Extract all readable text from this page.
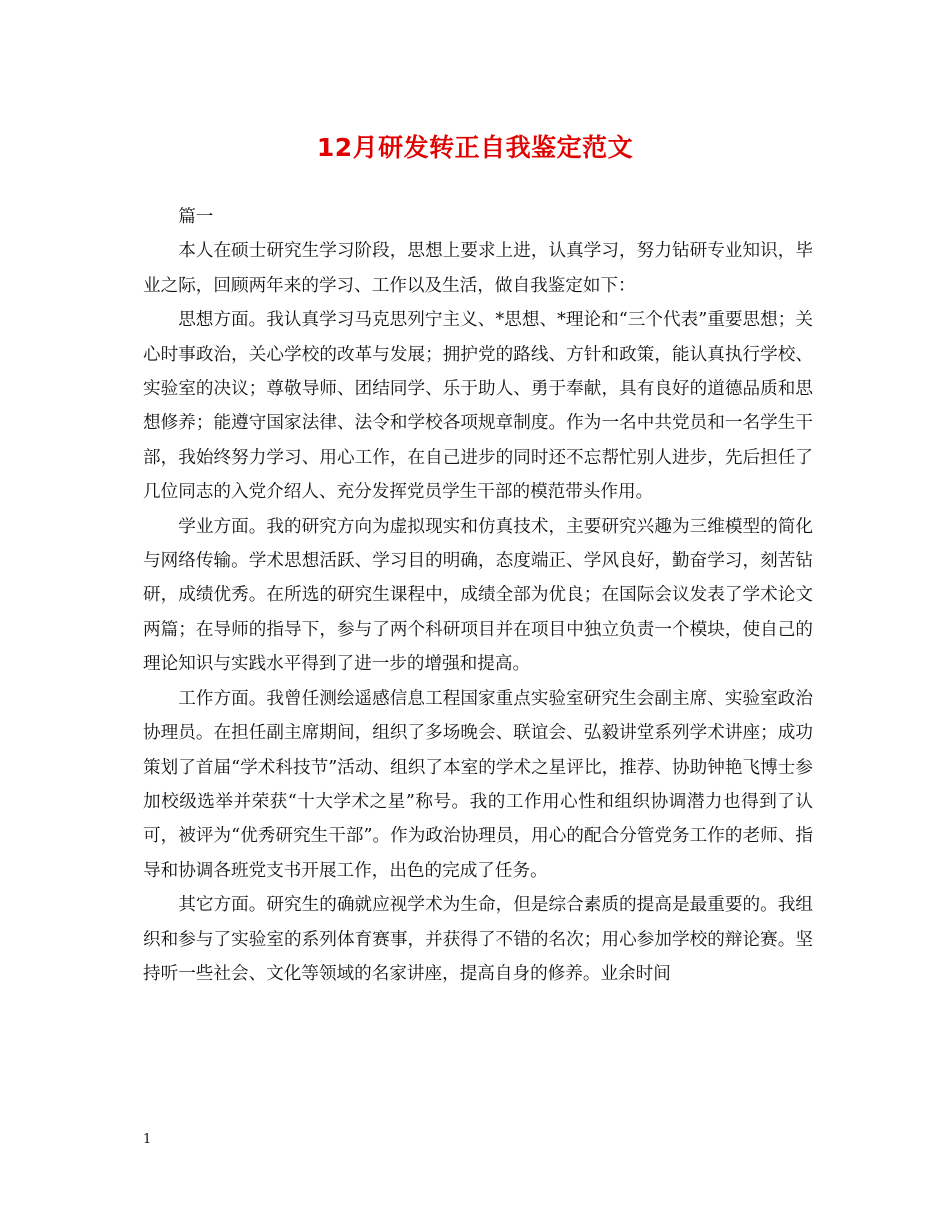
12月研发转正自我鉴定范文

篇一

本人在硕士研究生学习阶段，思想上要求上进，认真学习，努力钻研专业知识，毕业之际，回顾两年来的学习、工作以及生活，做自我鉴定如下：

思想方面。我认真学习马克思列宁主义、*思想、*理论和“三个代表”重要思想；关心时事政治，关心学校的改革与发展；拥护党的路线、方针和政策，能认真执行学校、实验室的决议；尊敬导师、团结同学、乐于助人、勇于奉献，具有良好的道德品质和思想修养；能遵守国家法律、法令和学校各项规章制度。作为一名中共党员和一名学生干部，我始终努力学习、用心工作，在自己进步的同时还不忘帮忙别人进步，先后担任了几位同志的入党介绍人、充分发挥党员学生干部的模范带头作用。

学业方面。我的研究方向为虚拟现实和仿真技术，主要研究兴趣为三维模型的简化与网络传输。学术思想活跃、学习目的明确，态度端正、学风良好，勤奋学习，刻苦钻研，成绩优秀。在所选的研究生课程中，成绩全部为优良；在国际会议发表了学术论文两篇；在导师的指导下，参与了两个科研项目并在项目中独立负责一个模块，使自己的理论知识与实践水平得到了进一步的增强和提高。

工作方面。我曾任测绘遥感信息工程国家重点实验室研究生会副主席、实验室政治协理员。在担任副主席期间，组织了多场晚会、联谊会、弘毅讲堂系列学术讲座；成功策划了首届“学术科技节”活动、组织了本室的学术之星评比，推荐、协助钟艳飞博士参加校级选举并荣获“十大学术之星”称号。我的工作用心性和组织协调潜力也得到了认可，被评为“优秀研究生干部”。作为政治协理员，用心的配合分管党务工作的老师、指导和协调各班党支书开展工作，出色的完成了任务。

其它方面。研究生的确就应视学术为生命，但是综合素质的提高是最重要的。我组织和参与了实验室的系列体育赛事，并获得了不错的名次；用心参加学校的辩论赛。坚持听一些社会、文化等领域的名家讲座，提高自身的修养。业余时间

1
